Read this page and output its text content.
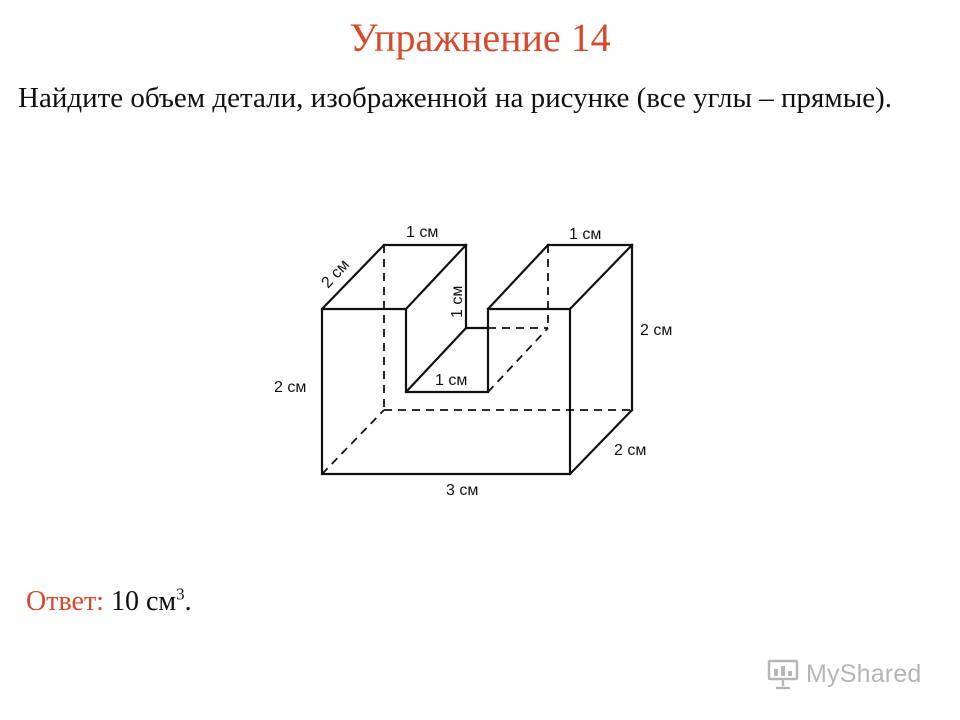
Упражнение 14
Найдите объем детали, изображенной на рисунке (все углы – прямые).
1 см
2 см
1 см
1 см
1 см
2 см
2 см
2 см
3 см
Ответ: 10 $см^3$.
MyShared
